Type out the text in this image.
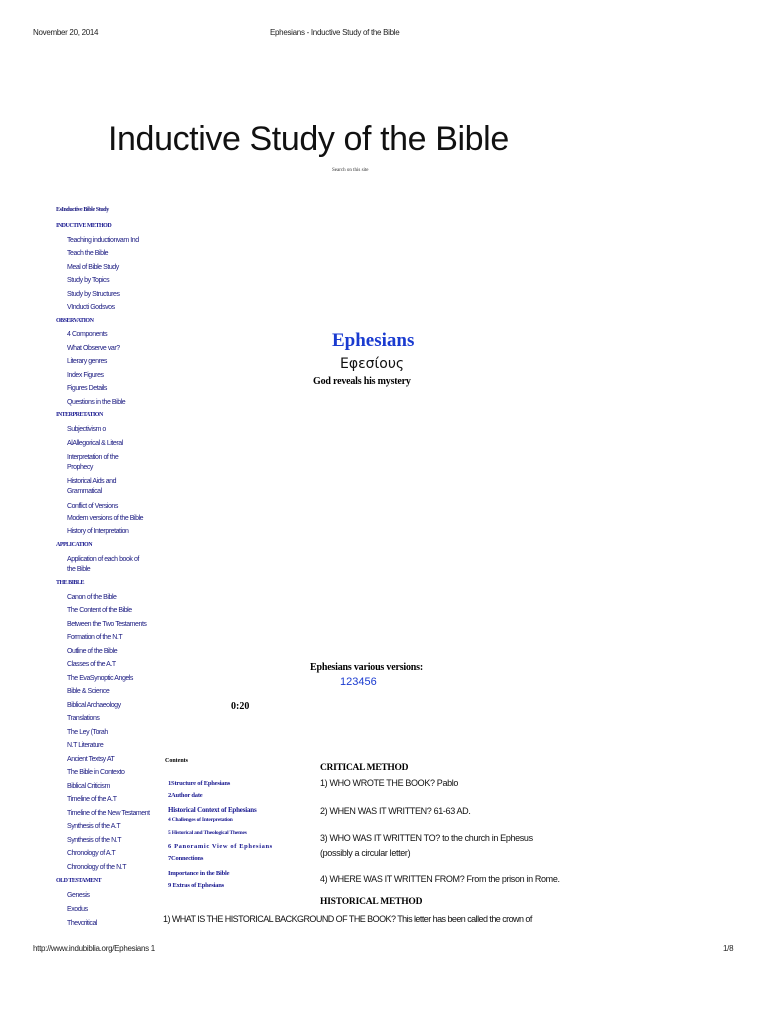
November 20, 2014	Ephesians - Inductive Study of the Bible
Inductive Study of the Bible
Search on this site
EsInductive Bible Study
INDUCTIVE METHOD
Teaching inductionvam Ind
Teach the Bible
Meal of Bible Study
Study by Topics
Study by Structures
VInducti Godsvos
OBSERVATION
4 Components
What Observe var?
Literary genres
Index Figures
Figures Details
Questions in the Bible
INTERPRETATION
Subjectivism o
AlAllegorical & Literal
Interpretation of the
Prophecy
Historical Aids and
Grammatical
Conflict of Versions
Modern versions of the Bible
History of Interpretation
APPLICATION
Application of each book of
the Bible
THE BIBLE
Canon of the Bible
The Content of the Bible
Between the Two Testaments
Formation of the N.T
Outline of the Bible
Classes of the A.T
The EvaSynoptic Angels
Bible & Science
Biblical Archaeology
Translations
The Ley (Torah
N.T Literature
Ancient Textsy AT
The Bible in Contexto
Biblical Criticism
Timeline of the A.T
Timeline of the New Testament
Synthesis of the A.T
Synthesis of the N.T
Chronology of A.T
Chronology of the N.T
OLD TESTAMENT
Genesis
Exodus
Thevcritical
Ephesians
Εφεσίους
God reveals his mystery
Ephesians various versions:
123456
0:20
Contents
1Structure of Ephesians
2Author date
Historical Context of Ephesians
4 Challenges of Interpretation
5 Historical and Theological Themes
6 Panoramic View of Ephesians
7Connections
Importance in the Bible
9 Extras of Ephesians
CRITICAL METHOD
1) WHO WROTE THE BOOK? Pablo
2) WHEN WAS IT WRITTEN? 61-63 AD.
3) WHO WAS IT WRITTEN TO? to the church in Ephesus
(possibly a circular letter)
4) WHERE WAS IT WRITTEN FROM? From the prison in Rome.
HISTORICAL METHOD
1) WHAT IS THE HISTORICAL BACKGROUND OF THE BOOK? This letter has been called the crown of
http://www.indubiblia.org/Ephesians 1	1/8
